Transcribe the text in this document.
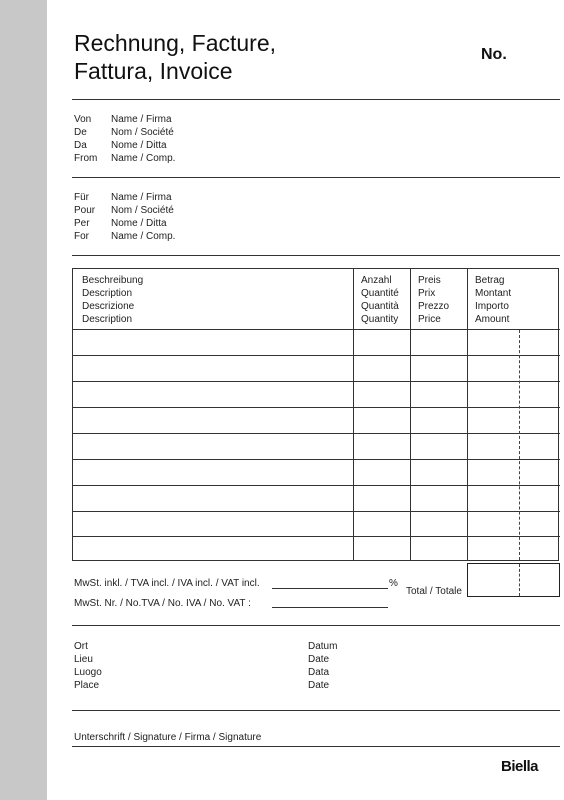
Rechnung, Facture,
Fattura, Invoice
No.
Von Name / Firma
De Nom / Société
Da Nome / Ditta
From Name / Comp.
Für Name / Firma
Pour Nom / Société
Per Nome / Ditta
For Name / Comp.
Beschreibung
Description
Descrizione
Description
Anzahl
Quantité
Quantità
Quantity
Preis
Prix
Prezzo
Price
Betrag
Montant
Importo
Amount
MwSt. inkl. / TVA incl. / IVA incl. / VAT incl.	%
MwSt. Nr. / No.TVA / No. IVA / No. VAT :
Total / Totale
Ort
Lieu
Luogo
Place
Datum
Date
Data
Date
Unterschrift / Signature / Firma / Signature
Biella
